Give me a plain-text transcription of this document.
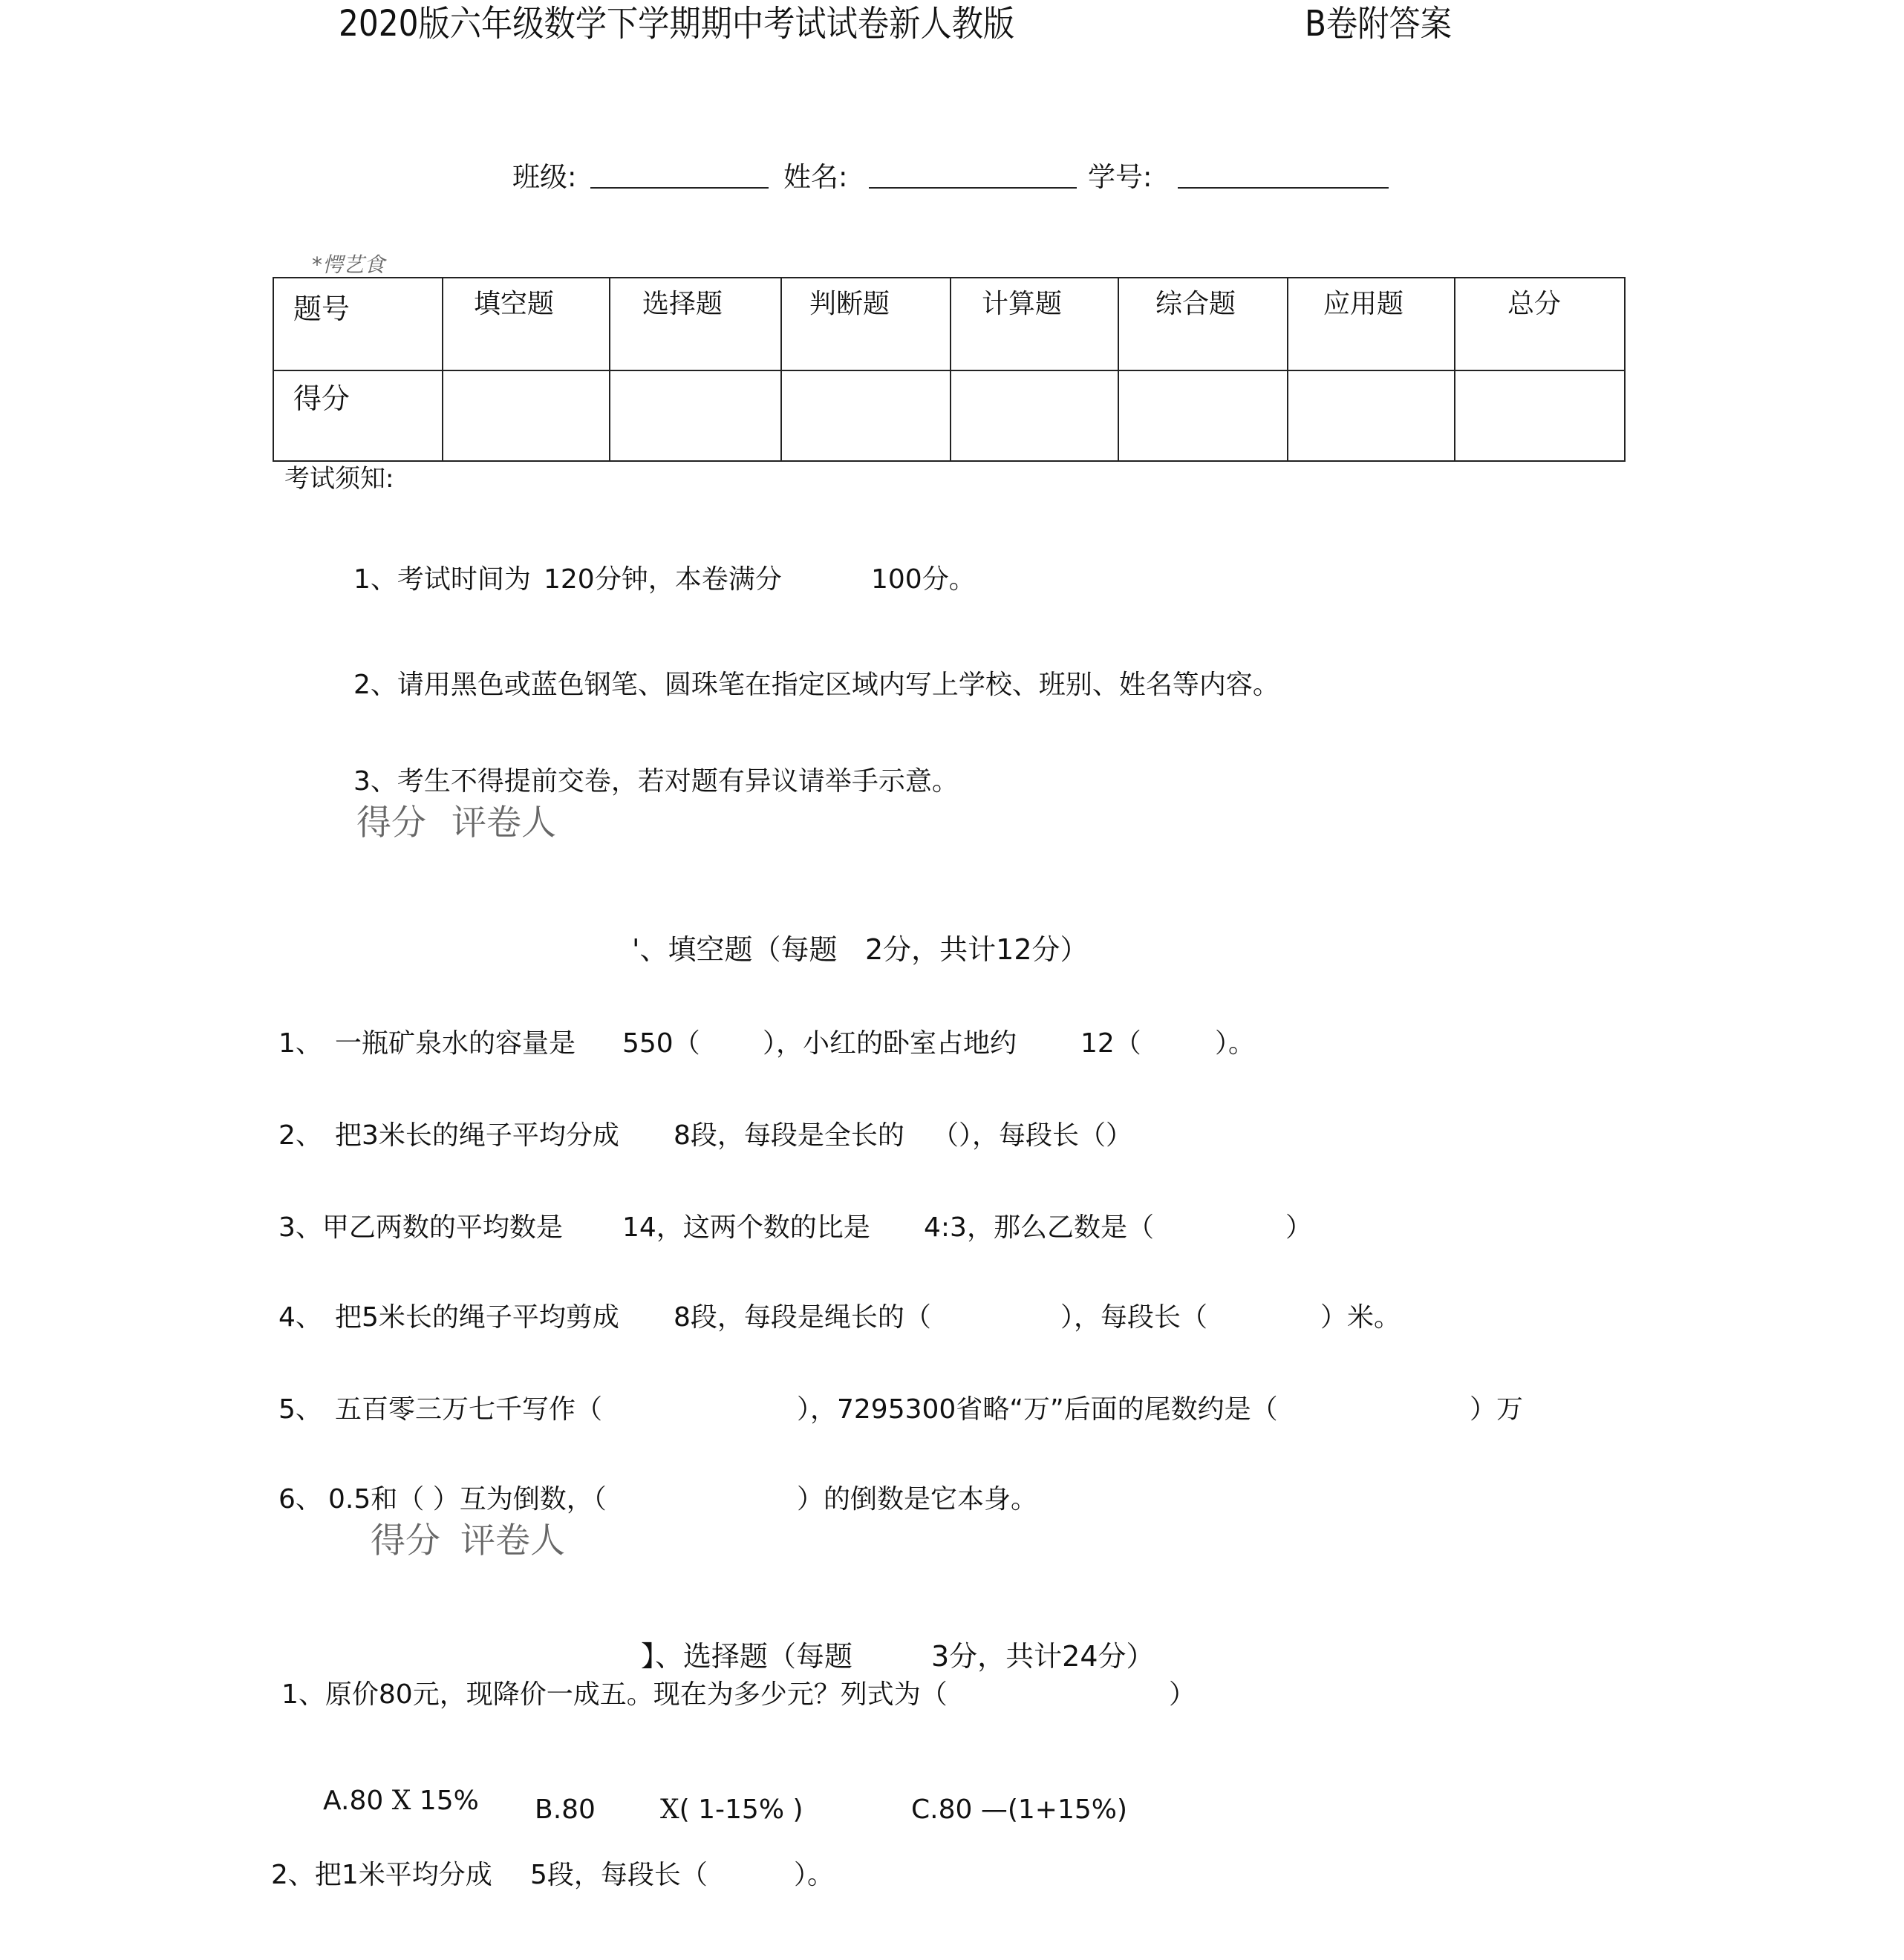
2020版六年级数学下学期期中考试试卷新人教版	B卷附答案
班级:	姓名:	学号:
*愕艺食
题号	填空题	选择题	判断题	计算题	综合题	应用题	总分
得分
考试须知:
1、考试时间为 120分钟，本卷满分	100分。
2、请用黑色或蓝色钢笔、圆珠笔在指定区域内写上学校、班别、姓名等内容。
3、考生不得提前交卷，若对题有异议请举手示意。
得分 评卷人
'、填空题（每题 2分，共计12分）
1、 一瓶矿泉水的容量是 550（ ），小红的卧室占地约 12（	）。
2、 把3米长的绳子平均分成 8段，每段是全长的 （），每段长（）
3、甲乙两数的平均数是 14，这两个数的比是 4:3，那么乙数是（	）
4、 把5米长的绳子平均剪成 8段，每段是绳长的（	），每段长（	）米。
5、 五百零三万七千写作（	），7295300省略“万”后面的尾数约是（	）万
6、 0.5和（ ）互为倒数，（	）的倒数是它本身。
得分 评卷人
】、选择题（每题	3分，共计24分）
1、原价80元，现降价一成五。现在为多少元？列式为（	）
A.80 X 15% B.80 X( 1-15% )	C.80 —(1+15%)
2、把1米平均分成 5段，每段长（	）。
